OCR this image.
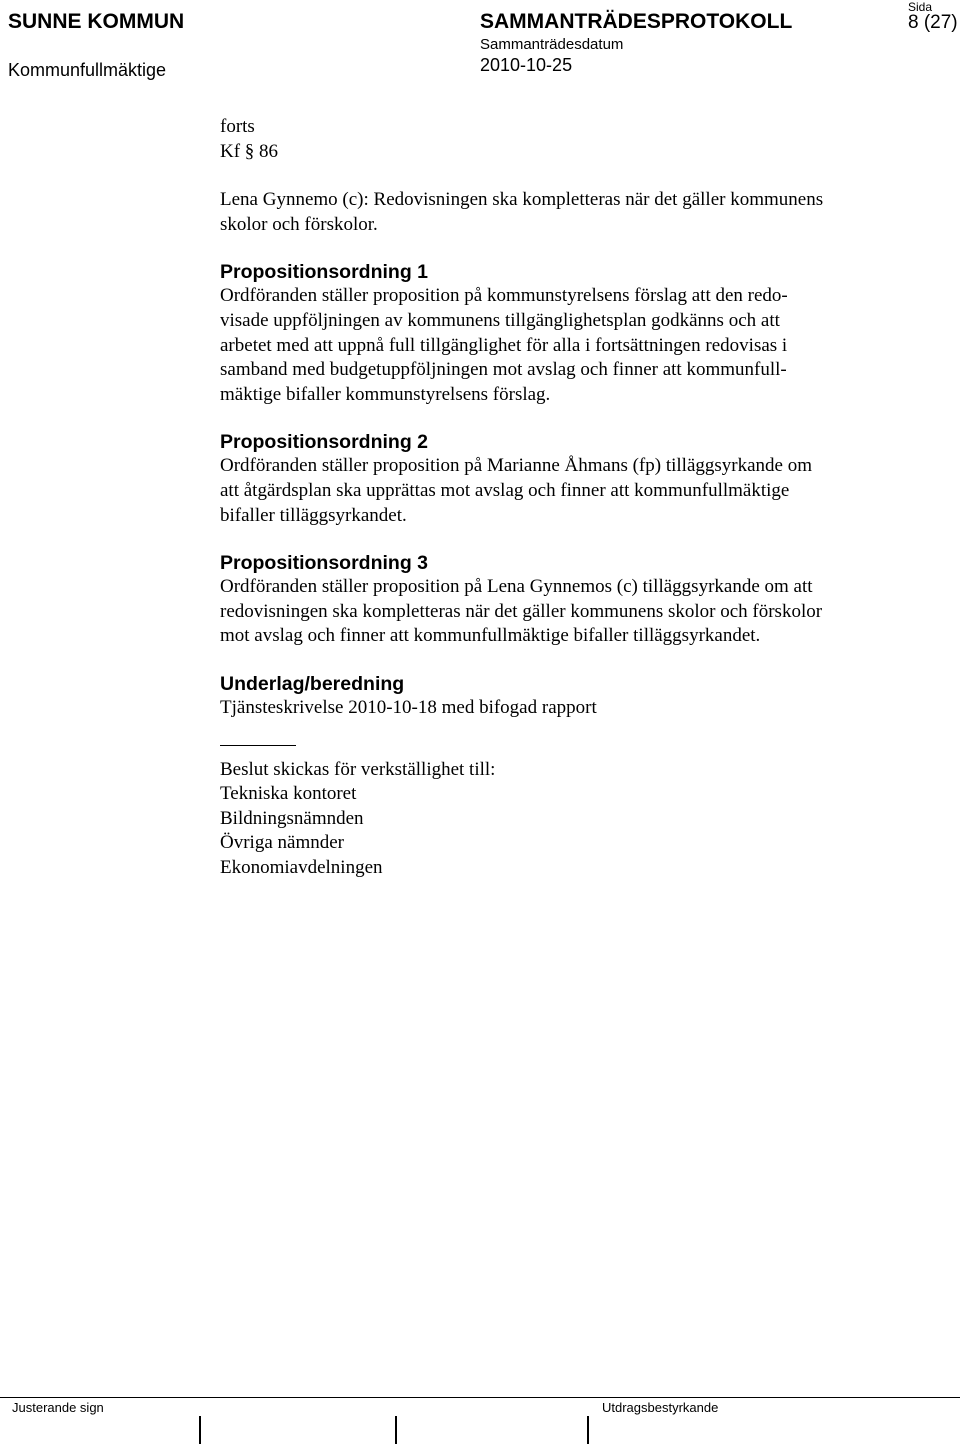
SUNNE KOMMUN
Kommunfullmäktige
SAMMANTRÄDESPROTOKOLL
Sammanträdesdatum
2010-10-25
Sida
8 (27)

forts
Kf § 86

Lena Gynnemo (c): Redovisningen ska kompletteras när det gäller kommunens
skolor och förskolor.

Propositionsordning 1

Ordföranden ställer proposition på kommunstyrelsens förslag att den redo-
visade uppföljningen av kommunens tillgänglighetsplan godkänns och att
arbetet med att uppnå full tillgänglighet för alla i fortsättningen redovisas i
samband med budgetuppföljningen mot avslag och finner att kommunfull-
mäktige bifaller kommunstyrelsens förslag.

Propositionsordning 2

Ordföranden ställer proposition på Marianne Åhmans (fp) tilläggsyrkande om
att åtgärdsplan ska upprättas mot avslag och finner att kommunfullmäktige
bifaller tilläggsyrkandet.

Propositionsordning 3

Ordföranden ställer proposition på Lena Gynnemos (c) tilläggsyrkande om att
redovisningen ska kompletteras när det gäller kommunens skolor och förskolor
mot avslag och finner att kommunfullmäktige bifaller tilläggsyrkandet.

Underlag/beredning

Tjänsteskrivelse 2010-10-18 med bifogad rapport

Beslut skickas för verkställighet till:
Tekniska kontoret
Bildningsnämnden
Övriga nämnder
Ekonomiavdelningen

Justerande sign	Utdragsbestyrkande
